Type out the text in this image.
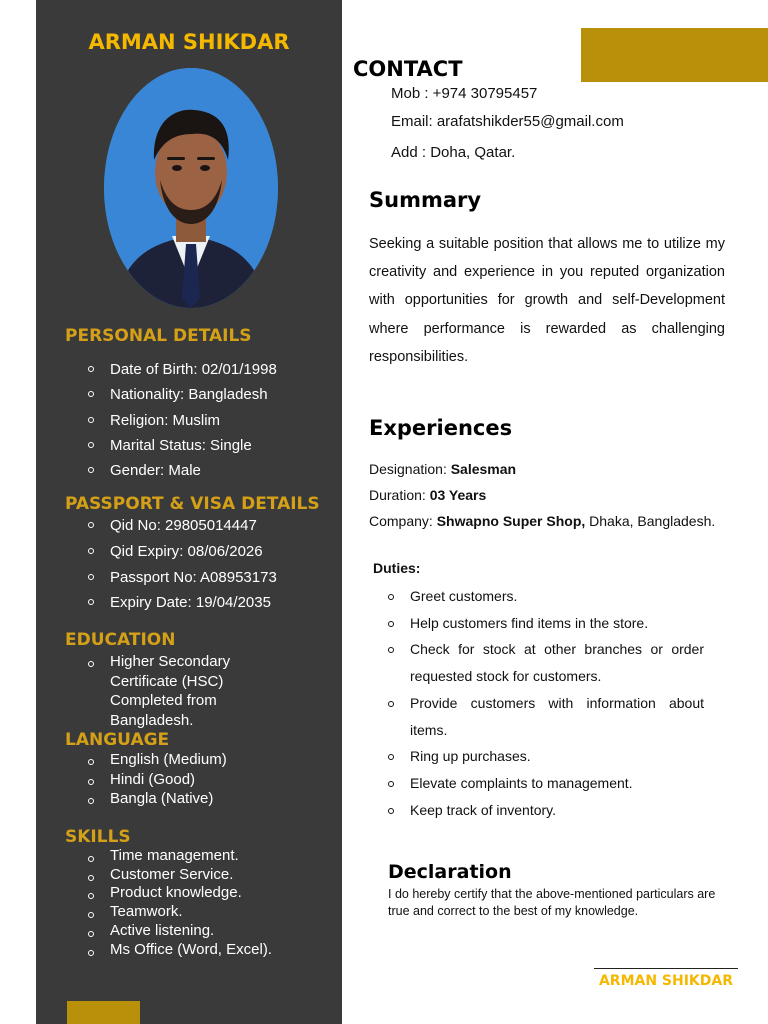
ARMAN SHIKDAR
PERSONAL DETAILS
Date of Birth: 02/01/1998
Nationality: Bangladesh
Religion: Muslim
Marital Status: Single
Gender: Male
PASSPORT & VISA DETAILS
Qid No: 29805014447
Qid Expiry: 08/06/2026
Passport No: A08953173
Expiry Date: 19/04/2035
EDUCATION
Higher Secondary Certificate (HSC) Completed from Bangladesh.
LANGUAGE
English (Medium)
Hindi (Good)
Bangla (Native)
SKILLS
Time management.
Customer Service.
Product knowledge.
Teamwork.
Active listening.
Ms Office (Word, Excel).
CONTACT
Mob : +974 30795457
Email: arafatshikder55@gmail.com
Add : Doha, Qatar.
Summary
Seeking a suitable position that allows me to utilize my creativity and experience in you reputed organization with opportunities for growth and self-Development where performance is rewarded as challenging responsibilities.
Experiences
Designation: Salesman
Duration: 03 Years
Company: Shwapno Super Shop, Dhaka, Bangladesh.
Duties:
Greet customers.
Help customers find items in the store.
Check for stock at other branches or order requested stock for customers.
Provide customers with information about items.
Ring up purchases.
Elevate complaints to management.
Keep track of inventory.
Declaration
I do hereby certify that the above-mentioned particulars are true and correct to the best of my knowledge.
ARMAN SHIKDAR
